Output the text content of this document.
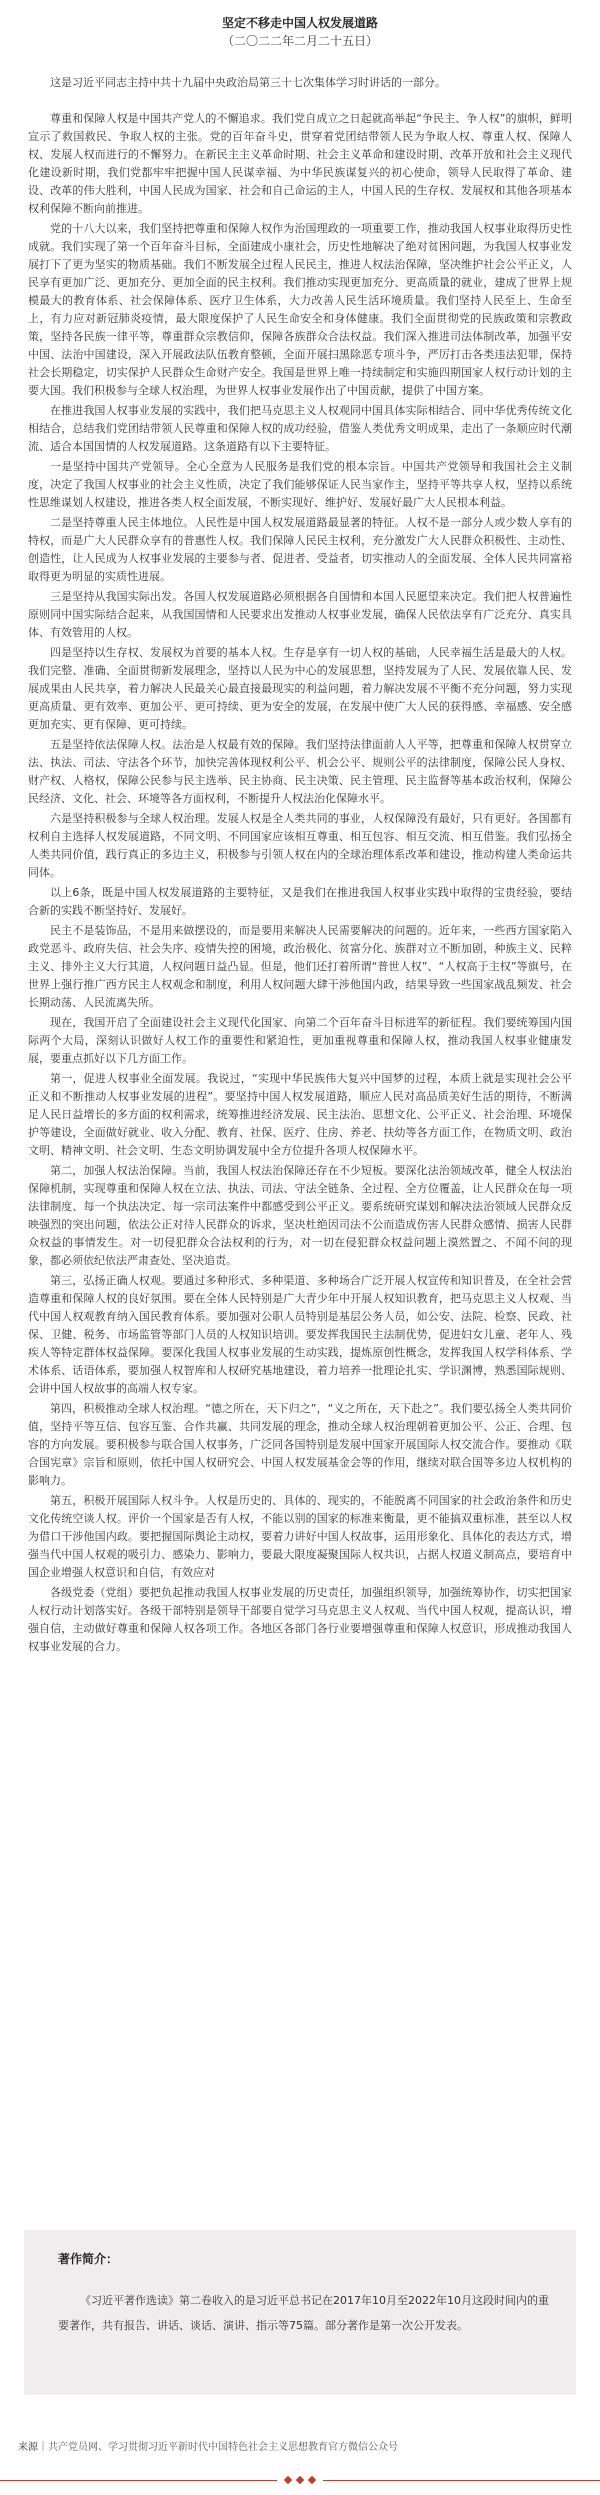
坚定不移走中国人权发展道路
（二〇二二年二月二十五日）
这是习近平同志主持中共十九届中央政治局第三十七次集体学习时讲话的一部分。

尊重和保障人权是中国共产党人的不懈追求。我们党自成立之日起就高举起“争民主、争人权”的旗帜，鲜明宣示了救国救民、争取人权的主张。党的百年奋斗史，贯穿着党团结带领人民为争取人权、尊重人权、保障人权、发展人权而进行的不懈努力。在新民主主义革命时期、社会主义革命和建设时期、改革开放和社会主义现代化建设新时期，我们党都牢牢把握中国人民谋幸福、为中华民族谋复兴的初心使命，领导人民取得了革命、建设、改革的伟大胜利，中国人民成为国家、社会和自己命运的主人，中国人民的生存权、发展权和其他各项基本权利保障不断向前推进。

党的十八大以来，我们坚持把尊重和保障人权作为治国理政的一项重要工作，推动我国人权事业取得历史性成就。我们实现了第一个百年奋斗目标，全面建成小康社会，历史性地解决了绝对贫困问题，为我国人权事业发展打下了更为坚实的物质基础。我们不断发展全过程人民民主，推进人权法治保障，坚决维护社会公平正义，人民享有更加广泛、更加充分、更加全面的民主权利。我们推动实现更加充分、更高质量的就业，建成了世界上规模最大的教育体系、社会保障体系、医疗卫生体系，大力改善人民生活环境质量。我们坚持人民至上、生命至上，有力应对新冠肺炎疫情，最大限度保护了人民生命安全和身体健康。我们全面贯彻党的民族政策和宗教政策，坚持各民族一律平等，尊重群众宗教信仰，保障各族群众合法权益。我们深入推进司法体制改革，加强平安中国、法治中国建设，深入开展政法队伍教育整顿，全面开展扫黑除恶专项斗争，严厉打击各类违法犯罪，保持社会长期稳定，切实保护人民群众生命财产安全。我国是世界上唯一持续制定和实施四期国家人权行动计划的主要大国。我们积极参与全球人权治理，为世界人权事业发展作出了中国贡献，提供了中国方案。

在推进我国人权事业发展的实践中，我们把马克思主义人权观同中国具体实际相结合、同中华优秀传统文化相结合，总结我们党团结带领人民尊重和保障人权的成功经验，借鉴人类优秀文明成果，走出了一条顺应时代潮流、适合本国国情的人权发展道路。这条道路有以下主要特征。

一是坚持中国共产党领导。全心全意为人民服务是我们党的根本宗旨。中国共产党领导和我国社会主义制度，决定了我国人权事业的社会主义性质，决定了我们能够保证人民当家作主，坚持平等共享人权，坚持以系统性思维谋划人权建设，推进各类人权全面发展，不断实现好、维护好、发展好最广大人民根本利益。

二是坚持尊重人民主体地位。人民性是中国人权发展道路最显著的特征。人权不是一部分人或少数人享有的特权，而是广大人民群众享有的普惠性人权。我们保障人民民主权利，充分激发广大人民群众积极性、主动性、创造性，让人民成为人权事业发展的主要参与者、促进者、受益者，切实推动人的全面发展、全体人民共同富裕取得更为明显的实质性进展。

三是坚持从我国实际出发。各国人权发展道路必须根据各自国情和本国人民愿望来决定。我们把人权普遍性原则同中国实际结合起来，从我国国情和人民要求出发推动人权事业发展，确保人民依法享有广泛充分、真实具体、有效管用的人权。

四是坚持以生存权、发展权为首要的基本人权。生存是享有一切人权的基础，人民幸福生活是最大的人权。我们完整、准确、全面贯彻新发展理念，坚持以人民为中心的发展思想，坚持发展为了人民、发展依靠人民、发展成果由人民共享，着力解决人民最关心最直接最现实的利益问题，着力解决发展不平衡不充分问题，努力实现更高质量、更有效率、更加公平、更可持续、更为安全的发展，在发展中使广大人民的获得感、幸福感、安全感更加充实、更有保障、更可持续。

五是坚持依法保障人权。法治是人权最有效的保障。我们坚持法律面前人人平等，把尊重和保障人权贯穿立法、执法、司法、守法各个环节，加快完善体现权利公平、机会公平、规则公平的法律制度，保障公民人身权、财产权、人格权，保障公民参与民主选举、民主协商、民主决策、民主管理、民主监督等基本政治权利，保障公民经济、文化、社会、环境等各方面权利，不断提升人权法治化保障水平。

六是坚持积极参与全球人权治理。发展人权是全人类共同的事业，人权保障没有最好，只有更好。各国都有权利自主选择人权发展道路，不同文明、不同国家应该相互尊重、相互包容、相互交流、相互借鉴。我们弘扬全人类共同价值，践行真正的多边主义，积极参与引领人权在内的全球治理体系改革和建设，推动构建人类命运共同体。

以上6条，既是中国人权发展道路的主要特征，又是我们在推进我国人权事业实践中取得的宝贵经验，要结合新的实践不断坚持好、发展好。

民主不是装饰品，不是用来做摆设的，而是要用来解决人民需要解决的问题的。近年来，一些西方国家陷入政党恶斗、政府失信、社会失序、疫情失控的困境，政治极化、贫富分化、族群对立不断加剧，种族主义、民粹主义、排外主义大行其道，人权问题日益凸显。但是，他们还打着所谓“普世人权”、“人权高于主权”等旗号，在世界上强行推广西方民主人权观念和制度，利用人权问题大肆干涉他国内政，结果导致一些国家战乱频发、社会长期动荡、人民流离失所。

现在，我国开启了全面建设社会主义现代化国家、向第二个百年奋斗目标进军的新征程。我们要统筹国内国际两个大局，深刻认识做好人权工作的重要性和紧迫性，更加重视尊重和保障人权，推动我国人权事业健康发展，要重点抓好以下几方面工作。

第一，促进人权事业全面发展。我说过，“实现中华民族伟大复兴中国梦的过程，本质上就是实现社会公平正义和不断推动人权事业发展的进程”。要坚持中国人权发展道路，顺应人民对高品质美好生活的期待，不断满足人民日益增长的多方面的权利需求，统筹推进经济发展、民主法治、思想文化、公平正义、社会治理、环境保护等建设，全面做好就业、收入分配、教育、社保、医疗、住房、养老、扶幼等各方面工作，在物质文明、政治文明、精神文明、社会文明、生态文明协调发展中全方位提升各项人权保障水平。

第二，加强人权法治保障。当前，我国人权法治保障还存在不少短板。要深化法治领域改革，健全人权法治保障机制，实现尊重和保障人权在立法、执法、司法、守法全链条、全过程、全方位覆盖，让人民群众在每一项法律制度、每一个执法决定、每一宗司法案件中都感受到公平正义。要系统研究谋划和解决法治领域人民群众反映强烈的突出问题，依法公正对待人民群众的诉求，坚决杜绝因司法不公而造成伤害人民群众感情、损害人民群众权益的事情发生。对一切侵犯群众合法权利的行为，对一切在侵犯群众权益问题上漠然置之、不闻不问的现象，都必须依纪依法严肃查处、坚决追责。

第三，弘扬正确人权观。要通过多种形式、多种渠道、多种场合广泛开展人权宣传和知识普及，在全社会营造尊重和保障人权的良好氛围。要在全体人民特别是广大青少年中开展人权知识教育，把马克思主义人权观、当代中国人权观教育纳入国民教育体系。要加强对公职人员特别是基层公务人员，如公安、法院、检察、民政、社保、卫健、税务、市场监管等部门人员的人权知识培训。要发挥我国民主法制优势，促进妇女儿童、老年人、残疾人等特定群体权益保障。要深化我国人权事业发展的生动实践，提炼原创性概念，发挥我国人权学科体系、学术体系、话语体系，要加强人权智库和人权研究基地建设，着力培养一批理论扎实、学识渊博，熟悉国际规则、会讲中国人权故事的高端人权专家。

第四，积极推动全球人权治理。“德之所在，天下归之”，“义之所在，天下赴之”。我们要弘扬全人类共同价值，坚持平等互信、包容互鉴、合作共赢、共同发展的理念，推动全球人权治理朝着更加公平、公正、合理、包容的方向发展。要积极参与联合国人权事务，广泛同各国特别是发展中国家开展国际人权交流合作。要推动《联合国宪章》宗旨和原则，依托中国人权研究会、中国人权发展基金会等的作用，继续对联合国等多边人权机构的影响力。

第五，积极开展国际人权斗争。人权是历史的、具体的、现实的，不能脱离不同国家的社会政治条件和历史文化传统空谈人权。评价一个国家是否有人权，不能以别的国家的标准来衡量，更不能搞双重标准，甚至以人权为借口干涉他国内政。要把握国际舆论主动权，要着力讲好中国人权故事，运用形象化、具体化的表达方式，增强当代中国人权观的吸引力、感染力、影响力，要最大限度凝聚国际人权共识，占据人权道义制高点，要培育中国企业增强人权意识和自信，有效应对

各级党委（党组）要把负起推动我国人权事业发展的历史责任，加强组织领导，加强统筹协作，切实把国家人权行动计划落实好。各级干部特别是领导干部要自觉学习马克思主义人权观、当代中国人权观，提高认识，增强自信，主动做好尊重和保障人权各项工作。各地区各部门各行业要增强尊重和保障人权意识，形成推动我国人权事业发展的合力。

著作简介：
《习近平著作选读》第二卷收入的是习近平总书记在2017年10月至2022年10月这段时间内的重要著作，共有报告、讲话、谈话、演讲、指示等75篇。部分著作是第一次公开发表。
来源｜共产党员网、学习贯彻习近平新时代中国特色社会主义思想教育官方微信公众号
